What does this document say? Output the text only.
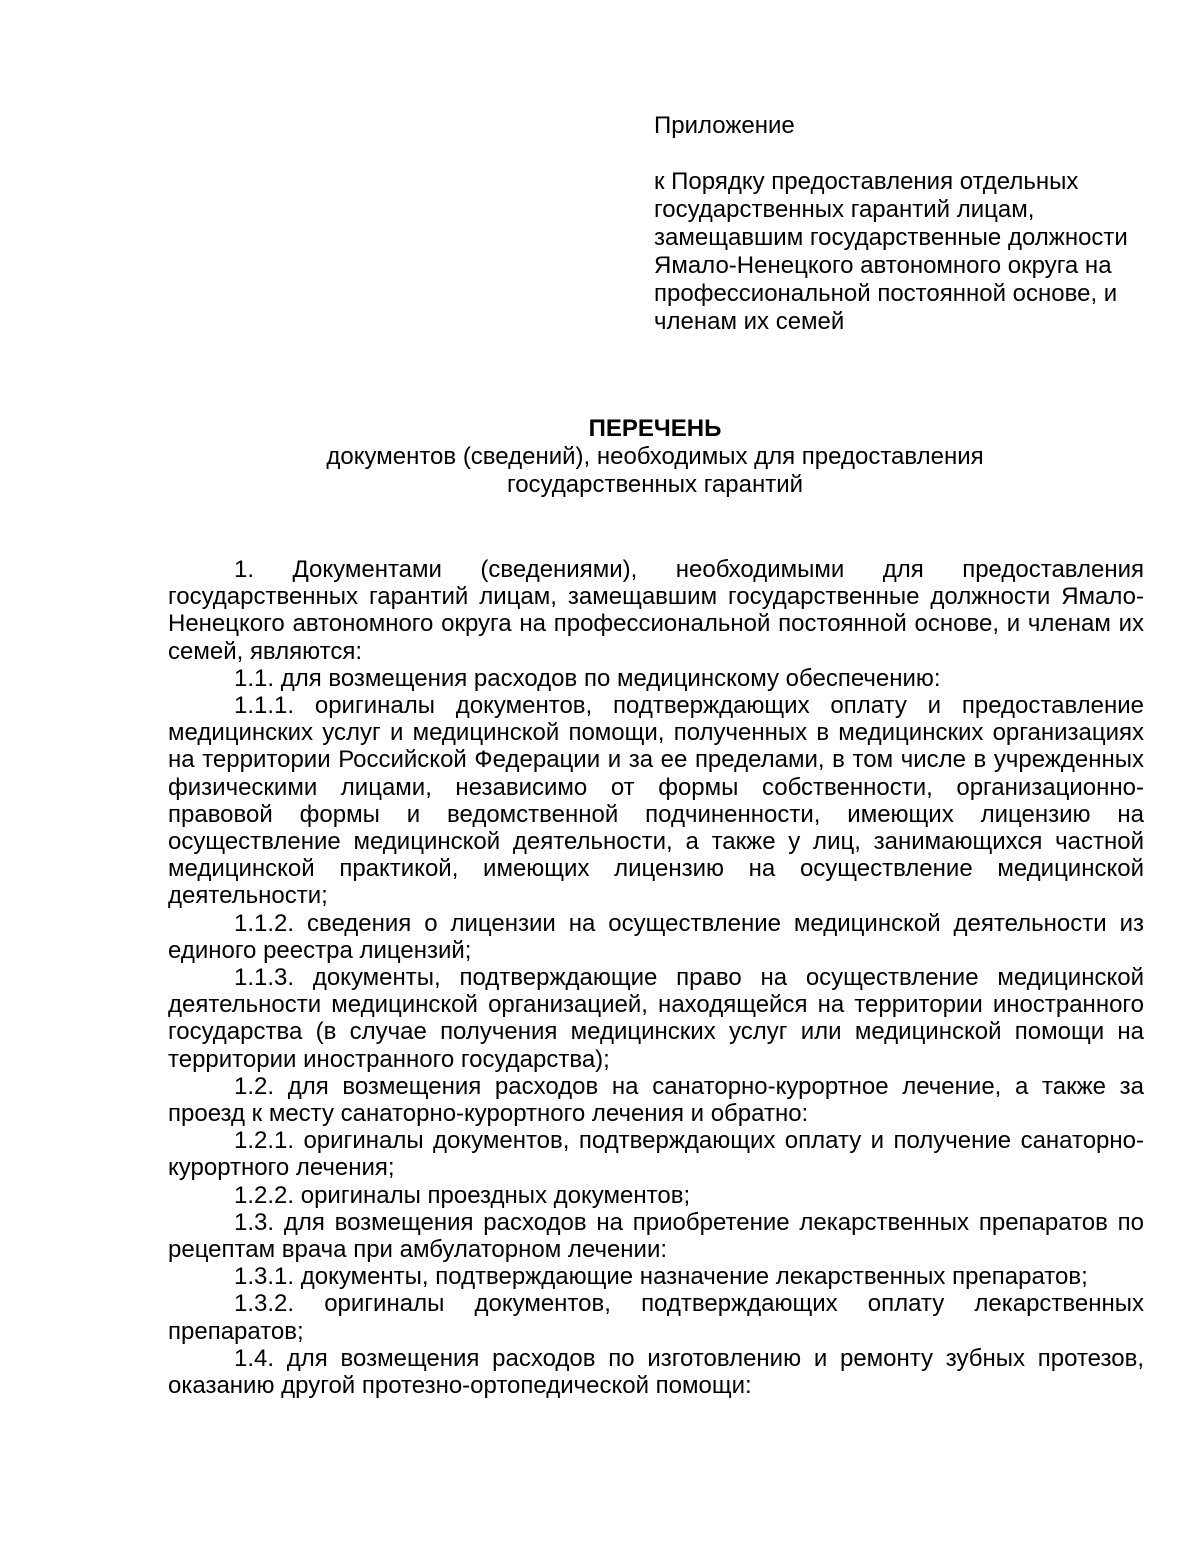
Приложение

к Порядку предоставления отдельных государственных гарантий лицам, замещавшим государственные должности Ямало-Ненецкого автономного округа на профессиональной постоянной основе, и членам их семей

ПЕРЕЧЕНЬ

документов (сведений), необходимых для предоставления

государственных гарантий

1. Документами (сведениями), необходимыми для предоставления государственных гарантий лицам, замещавшим государственные должности Ямало-Ненецкого автономного округа на профессиональной постоянной основе, и членам их семей, являются:

1.1. для возмещения расходов по медицинскому обеспечению:

1.1.1. оригиналы документов, подтверждающих оплату и предоставление медицинских услуг и медицинской помощи, полученных в медицинских организациях на территории Российской Федерации и за ее пределами, в том числе в учрежденных физическими лицами, независимо от формы собственности, организационно-правовой формы и ведомственной подчиненности, имеющих лицензию на осуществление медицинской деятельности, а также у лиц, занимающихся частной медицинской практикой, имеющих лицензию на осуществление медицинской деятельности;

1.1.2. сведения о лицензии на осуществление медицинской деятельности из единого реестра лицензий;

1.1.3. документы, подтверждающие право на осуществление медицинской деятельности медицинской организацией, находящейся на территории иностранного государства (в случае получения медицинских услуг или медицинской помощи на территории иностранного государства);

1.2. для возмещения расходов на санаторно-курортное лечение, а также за проезд к месту санаторно-курортного лечения и обратно:

1.2.1. оригиналы документов, подтверждающих оплату и получение санаторно-курортного лечения;

1.2.2. оригиналы проездных документов;

1.3. для возмещения расходов на приобретение лекарственных препаратов по рецептам врача при амбулаторном лечении:

1.3.1. документы, подтверждающие назначение лекарственных препаратов;

1.3.2. оригиналы документов, подтверждающих оплату лекарственных препаратов;

1.4. для возмещения расходов по изготовлению и ремонту зубных протезов, оказанию другой протезно-ортопедической помощи:
